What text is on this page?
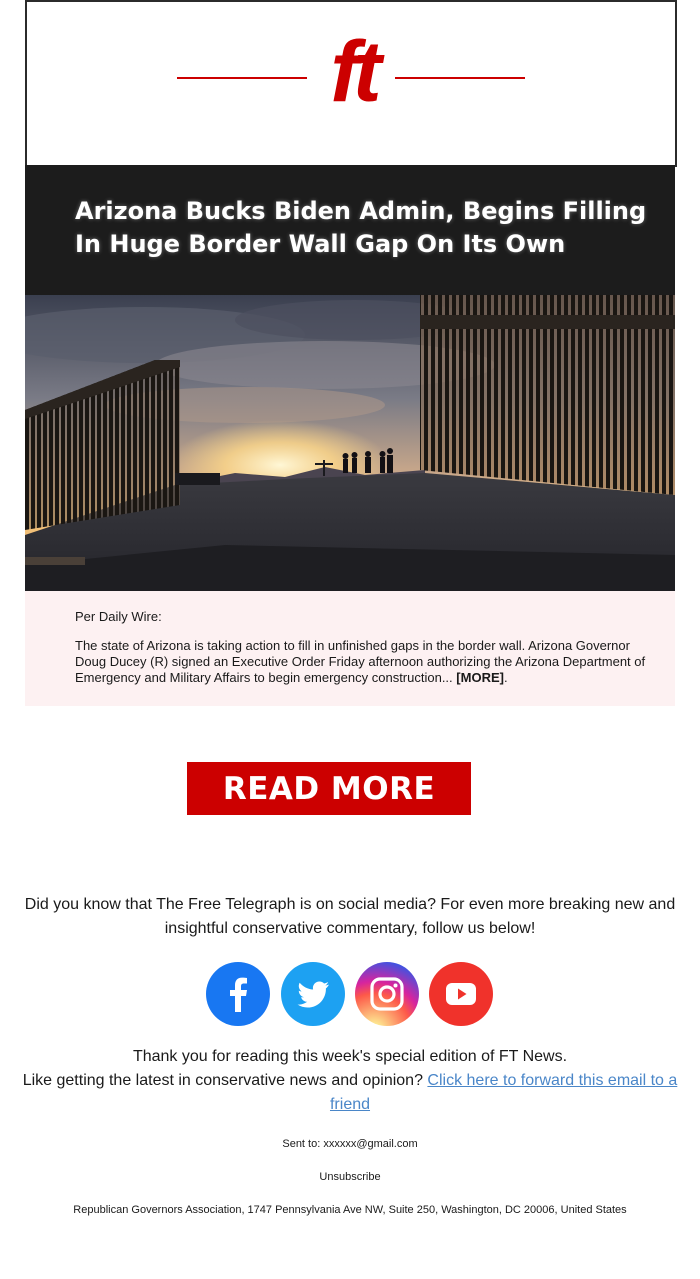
ft
Arizona Bucks Biden Admin, Begins Filling In Huge Border Wall Gap On Its Own

Per Daily Wire:

The state of Arizona is taking action to fill in unfinished gaps in the border wall. Arizona Governor Doug Ducey (R) signed an Executive Order Friday afternoon authorizing the Arizona Department of Emergency and Military Affairs to begin emergency construction... [MORE].

READ MORE

Did you know that The Free Telegraph is on social media? For even more breaking new and insightful conservative commentary, follow us below!

Thank you for reading this week's special edition of FT News.
Like getting the latest in conservative news and opinion? Click here to forward this email to a friend

Sent to: xxxxxx@gmail.com

Unsubscribe

Republican Governors Association, 1747 Pennsylvania Ave NW, Suite 250, Washington, DC 20006, United States
